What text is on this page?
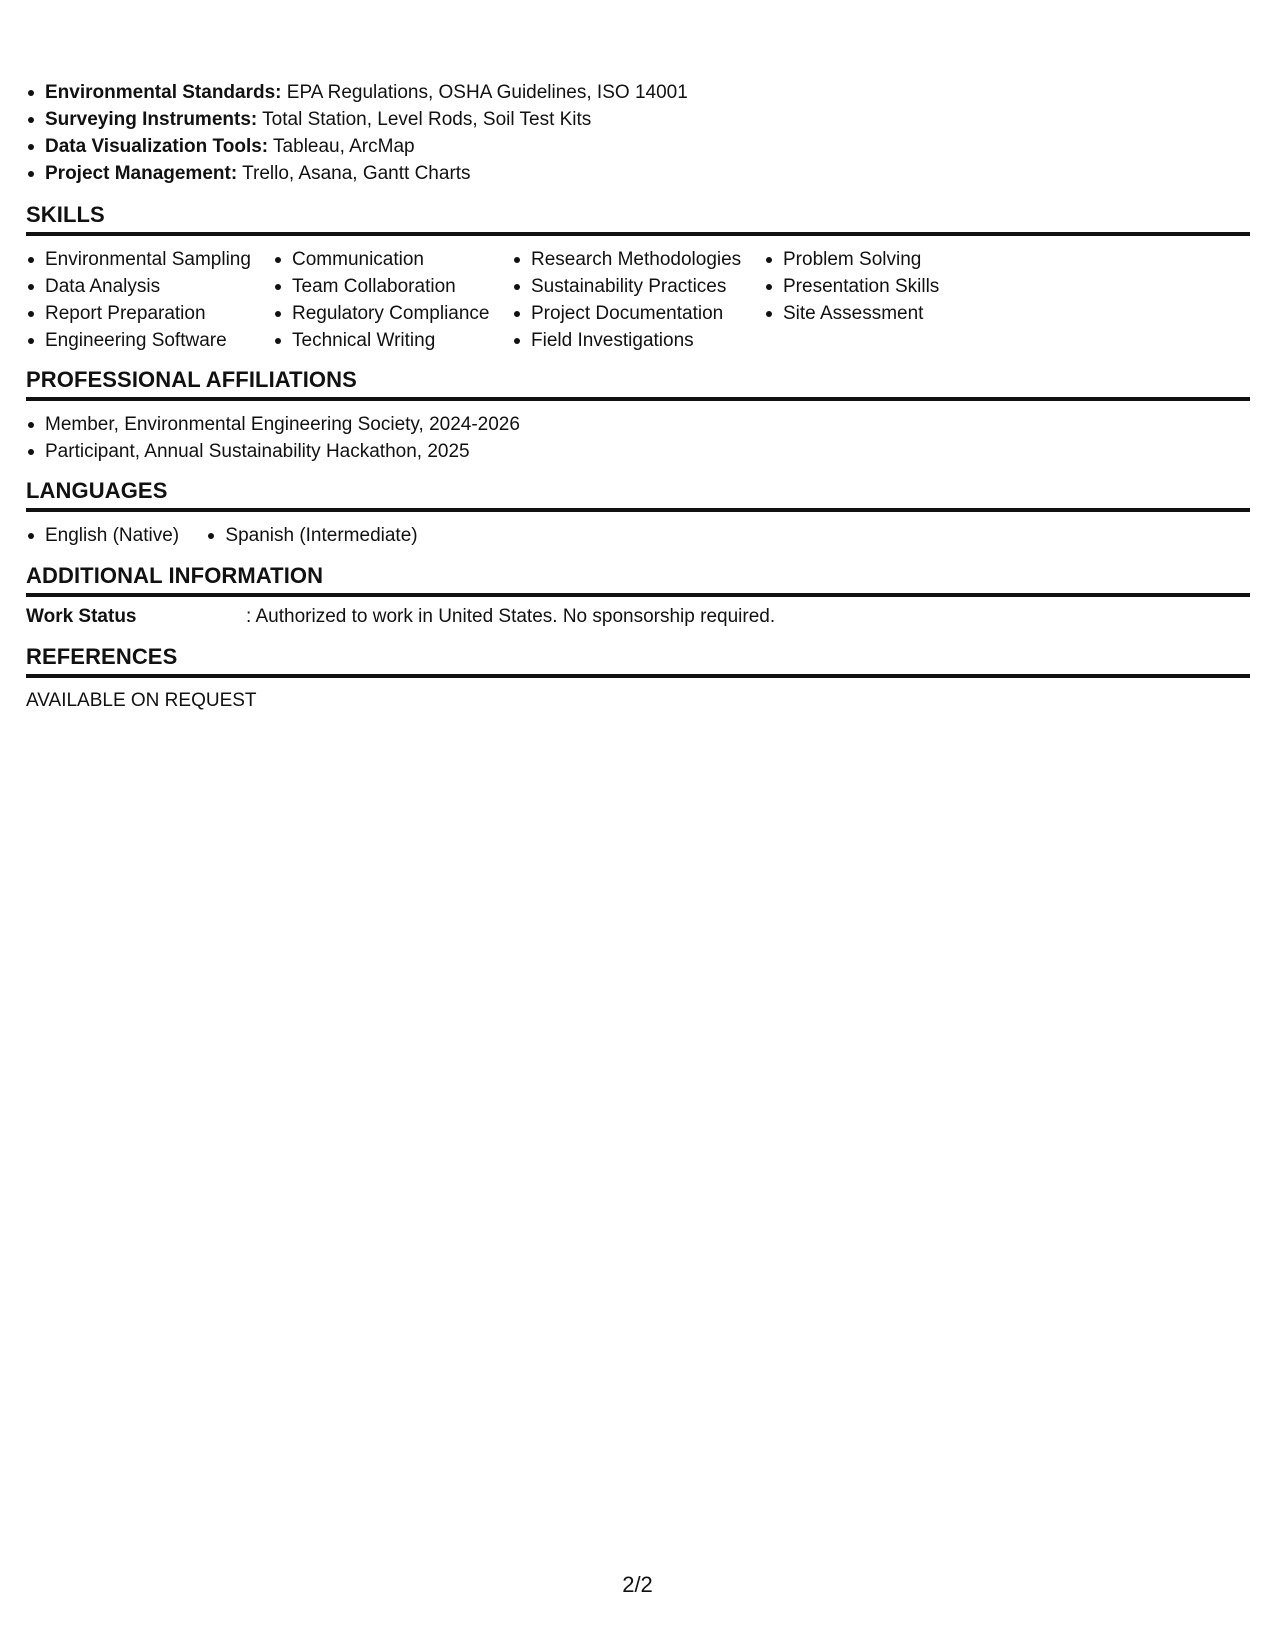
Environmental Standards: EPA Regulations, OSHA Guidelines, ISO 14001
Surveying Instruments: Total Station, Level Rods, Soil Test Kits
Data Visualization Tools: Tableau, ArcMap
Project Management: Trello, Asana, Gantt Charts
SKILLS
Environmental Sampling
Data Analysis
Report Preparation
Engineering Software
Communication
Team Collaboration
Regulatory Compliance
Technical Writing
Research Methodologies
Sustainability Practices
Project Documentation
Field Investigations
Problem Solving
Presentation Skills
Site Assessment
PROFESSIONAL AFFILIATIONS
Member, Environmental Engineering Society, 2024-2026
Participant, Annual Sustainability Hackathon, 2025
LANGUAGES
English (Native) Spanish (Intermediate)
ADDITIONAL INFORMATION
Work Status	: Authorized to work in United States. No sponsorship required.
REFERENCES
AVAILABLE ON REQUEST
2/2
